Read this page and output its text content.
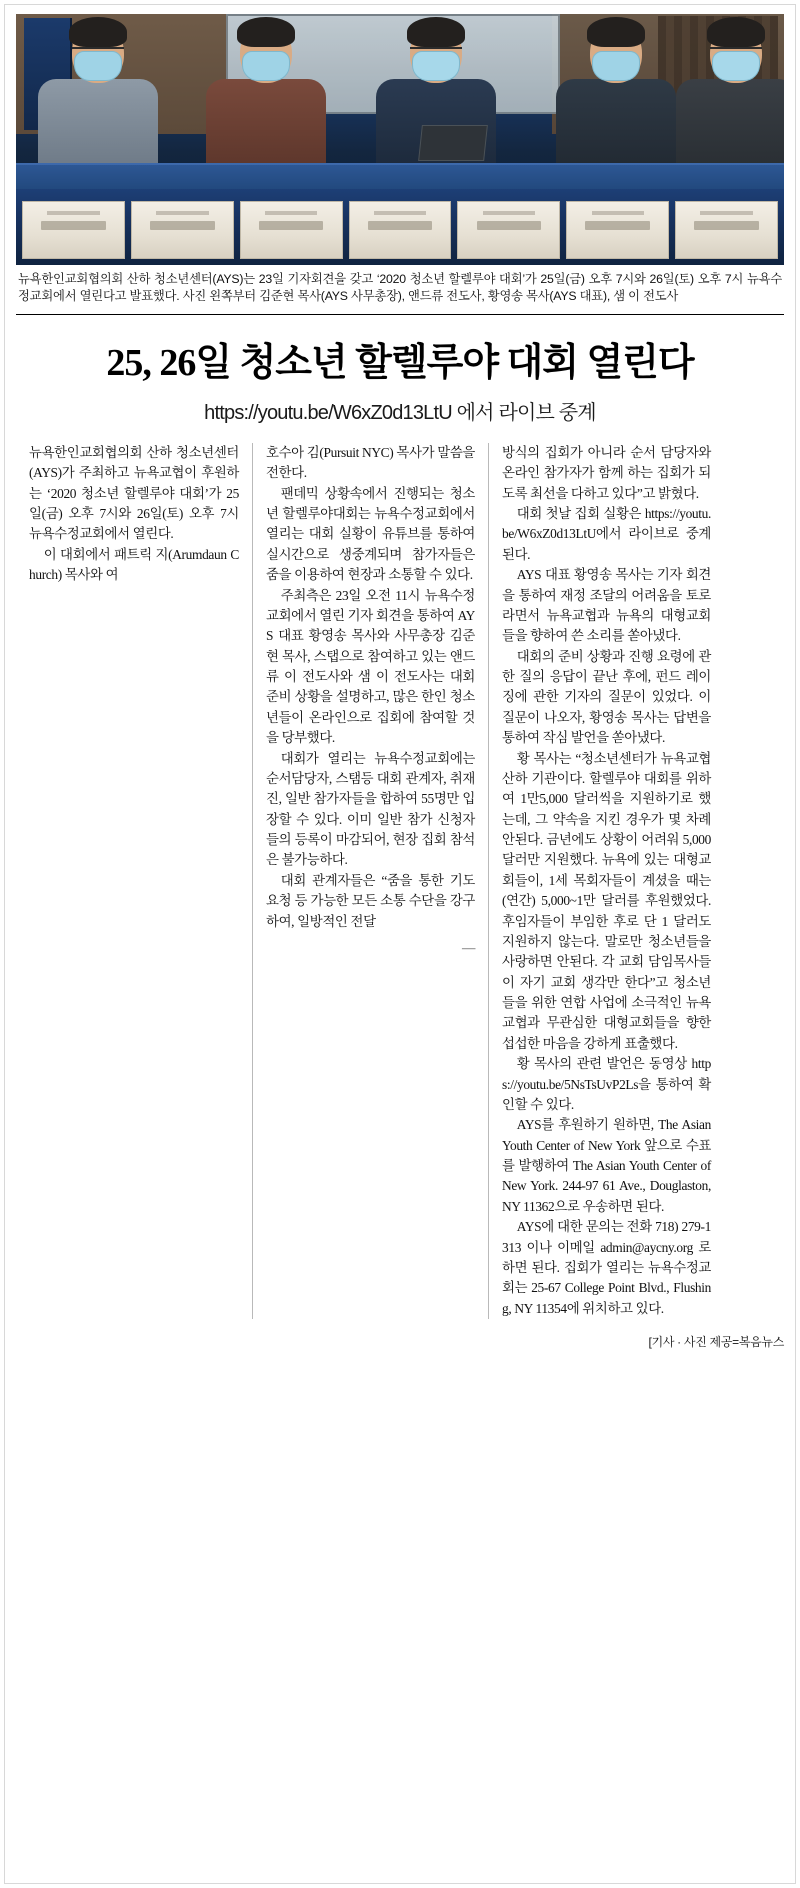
뉴욕한인교회협의회 산하 청소년센터(AYS)는 23일 기자회견을 갖고 ‘2020 청소년 할렐루야 대회’가 25일(금) 오후 7시와 26일(토) 오후 7시 뉴욕수정교회에서 열린다고 발표했다. 사진 왼쪽부터 김준현 목사(AYS 사무총장), 앤드류 전도사, 황영송 목사(AYS 대표), 샘 이 전도사
25, 26일 청소년 할렐루야 대회 열린다
https://youtu.be/W6xZ0d13LtU 에서 라이브 중계

뉴욕한인교회협의회 산하 청소년센터(AYS)가 주최하고 뉴욕교협이 후원하는 ‘2020 청소년 할렐루야 대회’가 25일(금) 오후 7시와 26일(토) 오후 7시 뉴욕수정교회에서 열린다.

이 대회에서 패트릭 지(Arumdaun Church) 목사와 여

호수아 김(Pursuit NYC) 목사가 말씀을 전한다.

팬데믹 상황속에서 진행되는 청소년 할렐루야대회는 뉴욕수정교회에서 열리는 대회 실황이 유튜브를 통하여 실시간으로 생중계되며 참가자들은 줌을 이용하여 현장과 소통할 수 있다.

주최측은 23일 오전 11시 뉴욕수정교회에서 열린 기자 회견을 통하여 AYS 대표 황영송 목사와 사무총장 김준현 목사, 스탭으로 참여하고 있는 앤드류 이 전도사와 샘 이 전도사는 대회 준비 상황을 설명하고, 많은 한인 청소년들이 온라인으로 집회에 참여할 것을 당부했다.

대회가 열리는 뉴욕수정교회에는 순서담당자, 스탬등 대회 관계자, 취재진, 일반 참가자들을 합하여 55명만 입장할 수 있다. 이미 일반 참가 신청자들의 등록이 마감되어, 현장 집회 참석은 불가능하다.

대회 관계자들은 “줌을 통한 기도 요청 등 가능한 모든 소통 수단을 강구하여, 일방적인 전달

—

방식의 집회가 아니라 순서 담당자와 온라인 참가자가 함께 하는 집회가 되도록 최선을 다하고 있다”고 밝혔다.

대회 첫날 집회 실황은 https://youtu.be/W6xZ0d13LtU에서 라이브로 중계된다.

AYS 대표 황영송 목사는 기자 회견을 통하여 재정 조달의 어려움을 토로라면서 뉴욕교협과 뉴욕의 대형교회들을 향하여 쓴 소리를 쏟아냈다.

대회의 준비 상황과 진행 요령에 관한 질의 응답이 끝난 후에, 펀드 레이징에 관한 기자의 질문이 있었다. 이 질문이 나오자, 황영송 목사는 답변을 통하여 작심 발언을 쏟아냈다.

황 목사는 “청소년센터가 뉴욕교협 산하 기관이다. 할렐루야 대회를 위하여 1만5,000 달러씩을 지원하기로 했는데, 그 약속을 지킨 경우가 몇 차례 안된다. 금년에도 상황이 어려워 5,000 달러만 지원했다. 뉴욕에 있는 대형교회들이, 1세 목회자들이 계셨을 때는 (연간) 5,000~1만 달러를 후원했었다. 후임자들이 부임한 후로 단 1 달러도 지원하지 않는다. 말로만 청소년들을 사랑하면 안된다. 각 교회 담임목사들이 자기 교회 생각만 한다”고 청소년들을 위한 연합 사업에 소극적인 뉴욕교협과 무관심한 대형교회들을 향한 섭섭한 마음을 강하게 표출했다.

황 목사의 관련 발언은 동영상 https://youtu.be/5NsTsUvP2Ls을 통하여 확인할 수 있다.

AYS를 후원하기 원하면, The Asian Youth Center of New York 앞으로 수표를 발행하여 The Asian Youth Center of New York. 244-97 61 Ave., Douglaston, NY 11362으로 우송하면 된다.

AYS에 대한 문의는 전화 718) 279-1313 이나 이메일 admin@aycny.org 로 하면 된다. 집회가 열리는 뉴욕수정교회는 25-67 College Point Blvd., Flushing, NY 11354에 위치하고 있다.

[기사 · 사진 제공=복음뉴스
